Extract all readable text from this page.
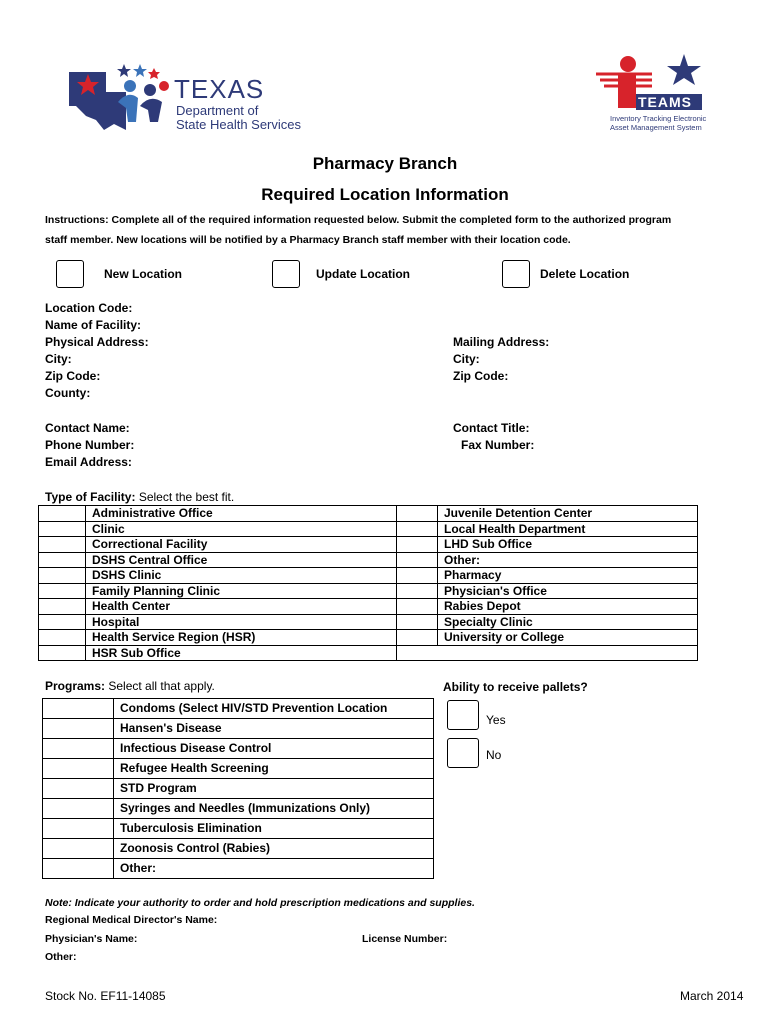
TEXAS
Department of
State Health Services
TEAMS
Inventory Tracking Electronic
Asset Management System
Pharmacy Branch
Required Location Information
Instructions: Complete all of the required information requested below. Submit the completed form to the authorized program
staff member. New locations will be notified by a Pharmacy Branch staff member with their location code.
New Location	Update Location	Delete Location
Location Code:
Name of Facility:
Physical Address:
City:
Zip Code:
County:
Mailing Address:
City:
Zip Code:
Contact Name:
Phone Number:
Email Address:
Contact Title:
Fax Number:
Type of Facility: Select the best fit.
	Administrative Office		Juvenile Detention Center
	Clinic		Local Health Department
	Correctional Facility		LHD Sub Office
	DSHS Central Office		Other:
	DSHS Clinic		Pharmacy
	Family Planning Clinic		Physician's Office
	Health Center		Rabies Depot
	Hospital		Specialty Clinic
	Health Service Region (HSR)		University or College
	HSR Sub Office		
Programs: Select all that apply.
	Condoms (Select HIV/STD Prevention Location
	Hansen's Disease
	Infectious Disease Control
	Refugee Health Screening
	STD Program
	Syringes and Needles (Immunizations Only)
	Tuberculosis Elimination
	Zoonosis Control (Rabies)
	Other:
Ability to receive pallets?
Yes
No
Note: Indicate your authority to order and hold prescription medications and supplies.
Regional Medical Director's Name:
Physician's Name:	License Number:
Other:
Stock No. EF11-14085	March 2014
